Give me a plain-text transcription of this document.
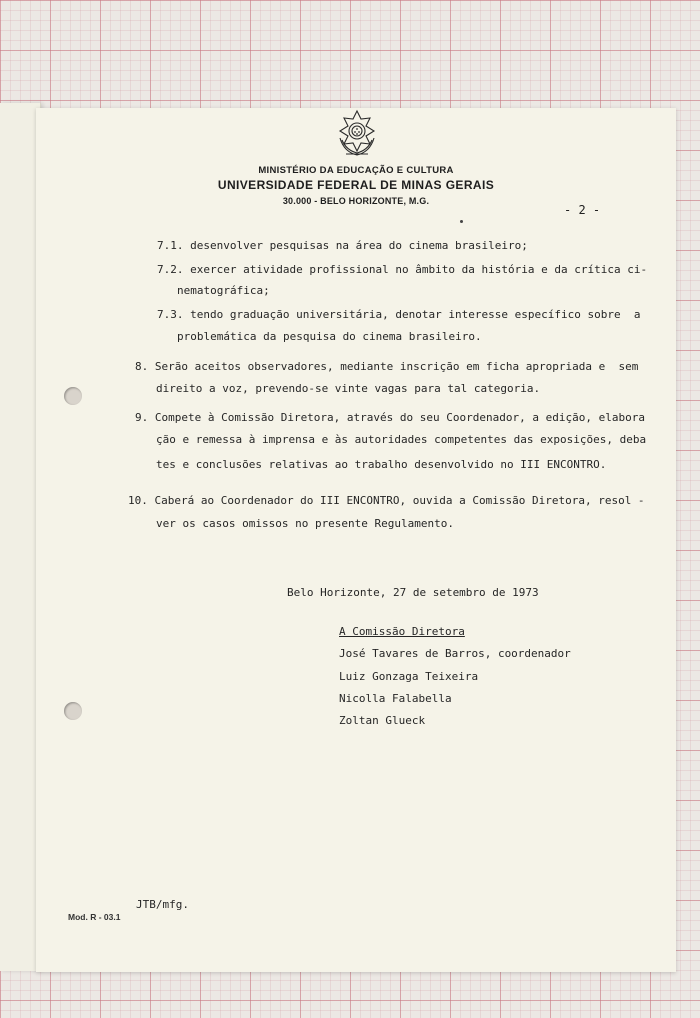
MINISTÉRIO DA EDUCAÇÃO E CULTURA
UNIVERSIDADE FEDERAL DE MINAS GERAIS
30.000 - BELO HORIZONTE, M.G.
- 2 -
7.1. desenvolver pesquisas na área do cinema brasileiro;
7.2. exercer atividade profissional no âmbito da história e da crítica ci-
nematográfica;
7.3. tendo graduação universitária, denotar interesse específico sobre  a
problemática da pesquisa do cinema brasileiro.
8. Serão aceitos observadores, mediante inscrição em ficha apropriada e  sem
direito a voz, prevendo-se vinte vagas para tal categoria.
9. Compete à Comissão Diretora, através do seu Coordenador, a edição, elabora
ção e remessa à imprensa e às autoridades competentes das exposições, deba
tes e conclusões relativas ao trabalho desenvolvido no III ENCONTRO.
10. Caberá ao Coordenador do III ENCONTRO, ouvida a Comissão Diretora, resol -
ver os casos omissos no presente Regulamento.
Belo Horizonte, 27 de setembro de 1973
A Comissão Diretora
José Tavares de Barros, coordenador
Luiz Gonzaga Teixeira
Nicolla Falabella
Zoltan Glueck
JTB/mfg.
Mod. R - 03.1
